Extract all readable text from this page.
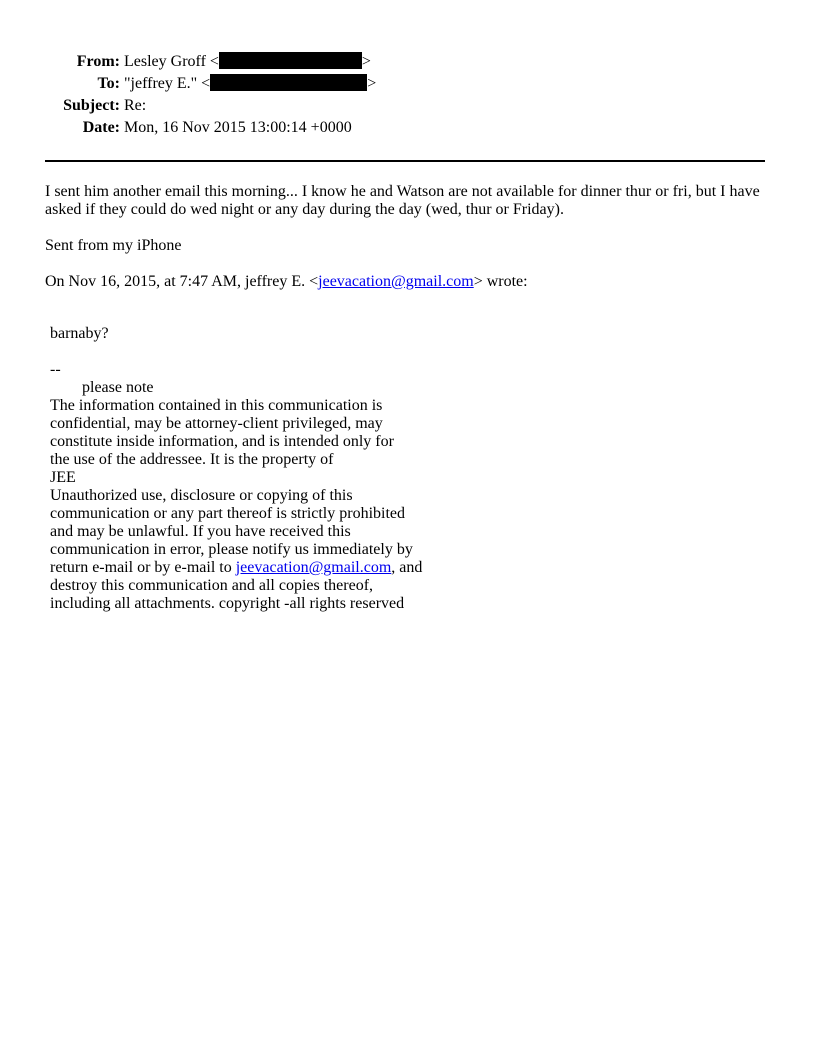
From: Lesley Groff <	>
To: "jeffrey E." <	>
Subject: Re:
Date: Mon, 16 Nov 2015 13:00:14 +0000
I sent him another email this morning... I know he and Watson are not available for dinner thur or fri, but I have asked if they could do wed night or any day during the day (wed, thur or Friday).
Sent from my iPhone
On Nov 16, 2015, at 7:47 AM, jeffrey E. <jeevacation@gmail.com> wrote:
barnaby?
--
please note
The information contained in this communication is
confidential, may be attorney-client privileged, may
constitute inside information, and is intended only for
the use of the addressee. It is the property of
JEE
Unauthorized use, disclosure or copying of this
communication or any part thereof is strictly prohibited
and may be unlawful. If you have received this
communication in error, please notify us immediately by
return e-mail or by e-mail to jeevacation@gmail.com, and
destroy this communication and all copies thereof,
including all attachments. copyright -all rights reserved
